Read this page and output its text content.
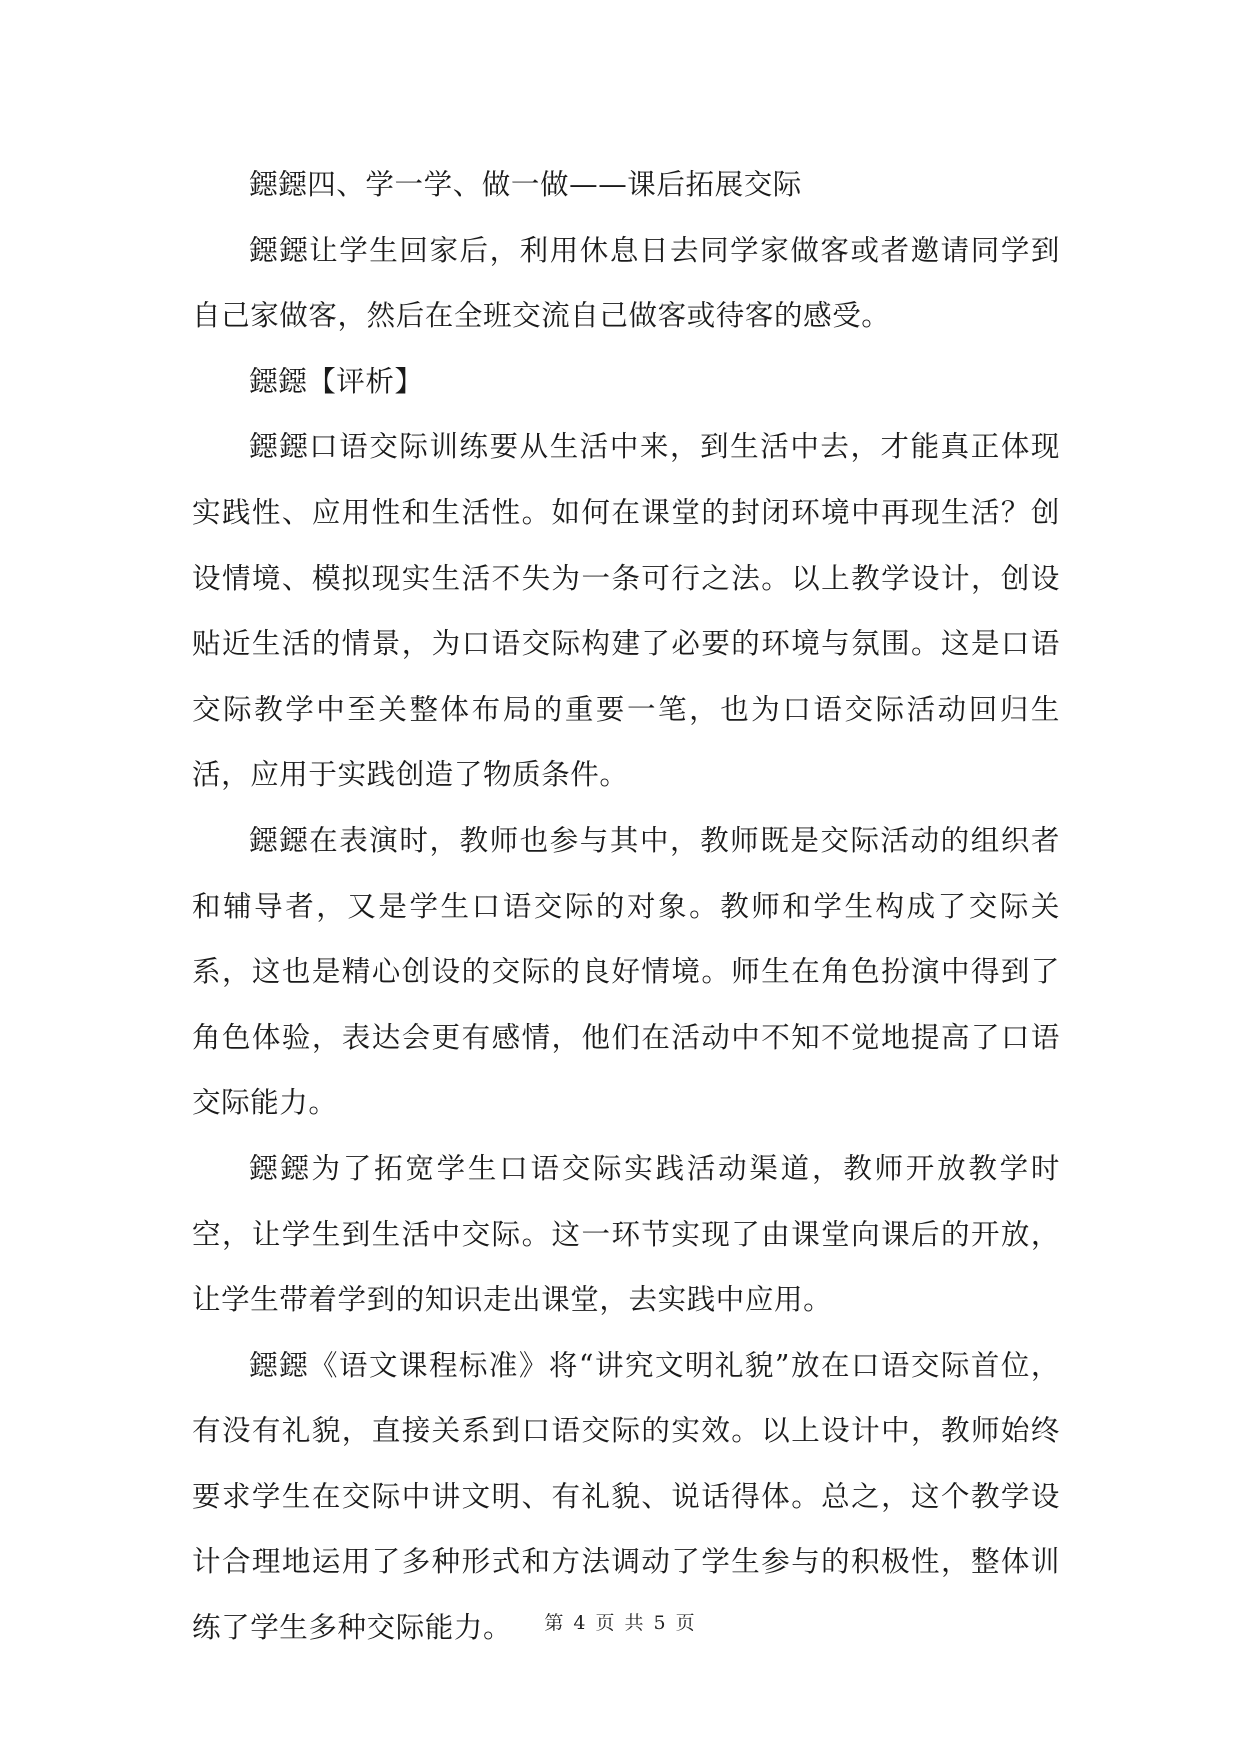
鐚鐚四、学一学、做一做——课后拓展交际

鐚鐚让学生回家后，利用休息日去同学家做客或者邀请同学到自己家做客，然后在全班交流自己做客或待客的感受。

鐚鐚【评析】

鐚鐚口语交际训练要从生活中来，到生活中去，才能真正体现实践性、应用性和生活性。如何在课堂的封闭环境中再现生活？创设情境、模拟现实生活不失为一条可行之法。以上教学设计，创设贴近生活的情景，为口语交际构建了必要的环境与氛围。这是口语交际教学中至关整体布局的重要一笔，也为口语交际活动回归生活，应用于实践创造了物质条件。

鐚鐚在表演时，教师也参与其中，教师既是交际活动的组织者和辅导者，又是学生口语交际的对象。教师和学生构成了交际关系，这也是精心创设的交际的良好情境。师生在角色扮演中得到了角色体验，表达会更有感情，他们在活动中不知不觉地提高了口语交际能力。

鐚鐚为了拓宽学生口语交际实践活动渠道，教师开放教学时空，让学生到生活中交际。这一环节实现了由课堂向课后的开放，让学生带着学到的知识走出课堂，去实践中应用。

鐚鐚《语文课程标准》将“讲究文明礼貌”放在口语交际首位，有没有礼貌，直接关系到口语交际的实效。以上设计中，教师始终要求学生在交际中讲文明、有礼貌、说话得体。总之，这个教学设计合理地运用了多种形式和方法调动了学生参与的积极性，整体训练了学生多种交际能力。	第 4 页 共 5 页
